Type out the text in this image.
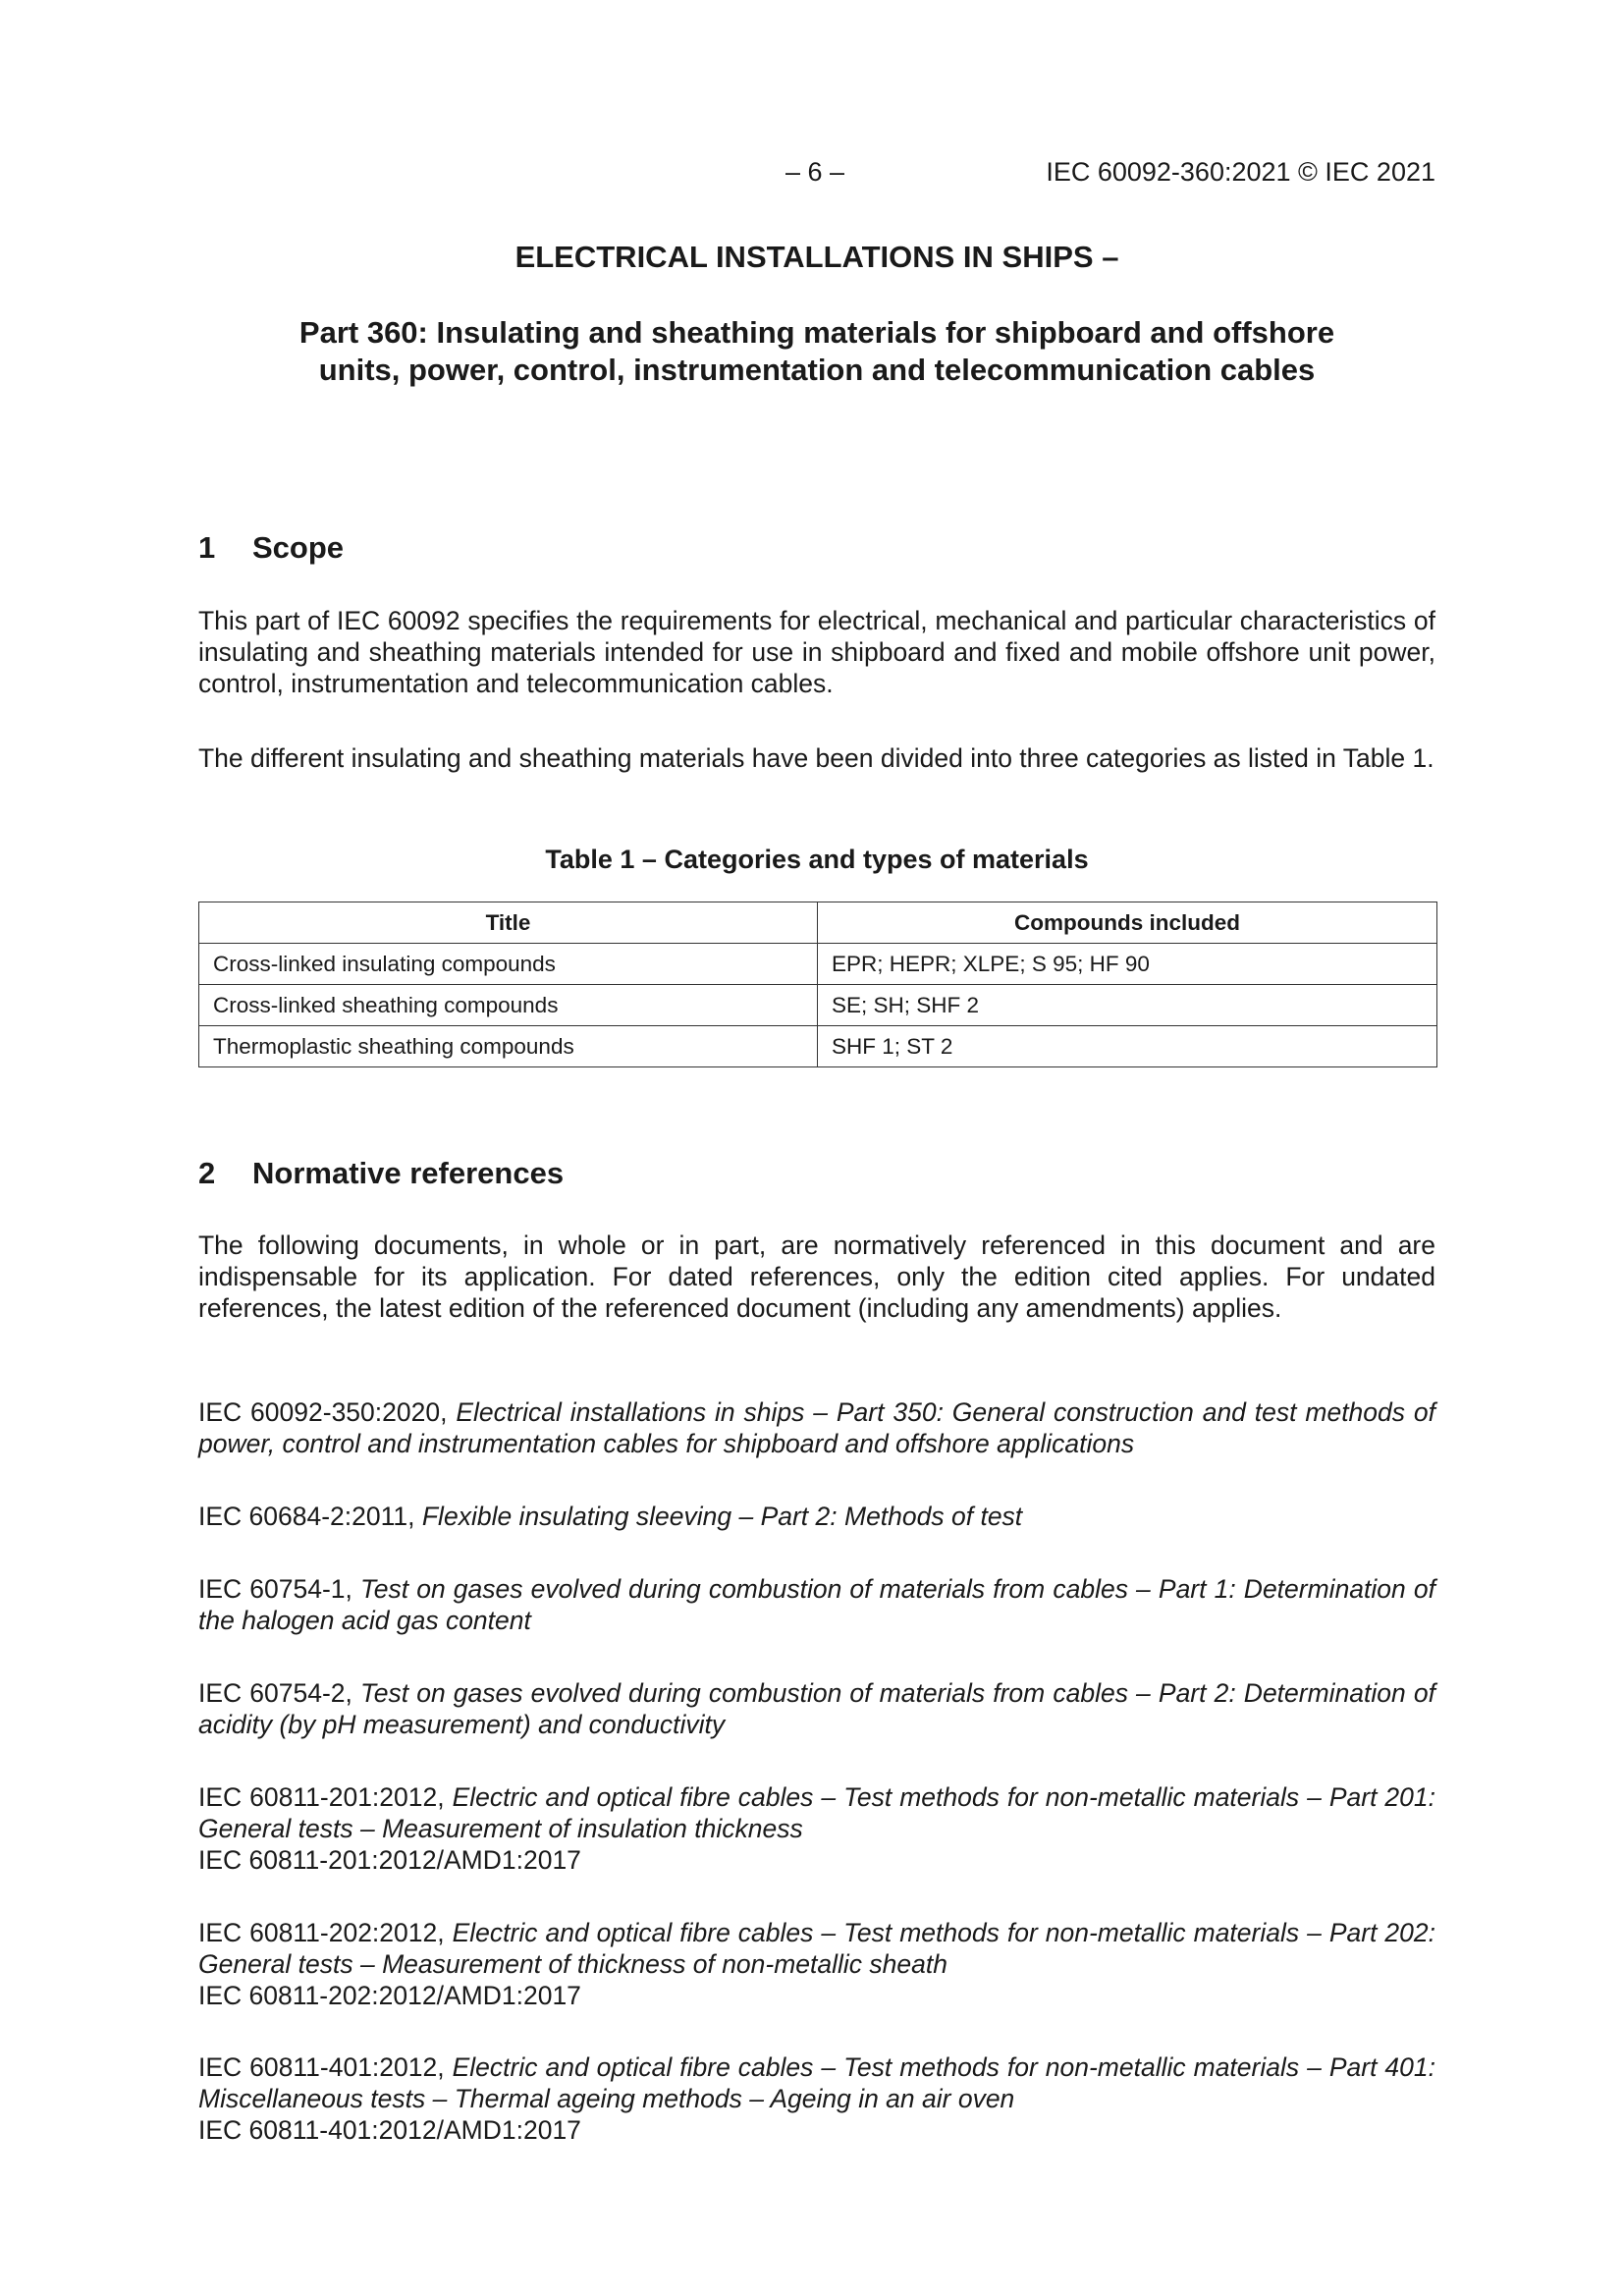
– 6 –	IEC 60092-360:2021 © IEC 2021
ELECTRICAL INSTALLATIONS IN SHIPS –
Part 360: Insulating and sheathing materials for shipboard and offshore
units, power, control, instrumentation and telecommunication cables
1 Scope
This part of IEC 60092 specifies the requirements for electrical, mechanical and particular characteristics of insulating and sheathing materials intended for use in shipboard and fixed and mobile offshore unit power, control, instrumentation and telecommunication cables.
The different insulating and sheathing materials have been divided into three categories as listed in Table 1.
Table 1 – Categories and types of materials
Title	Compounds included
Cross-linked insulating compounds	EPR; HEPR; XLPE; S 95; HF 90
Cross-linked sheathing compounds	SE; SH; SHF 2
Thermoplastic sheathing compounds	SHF 1; ST 2
2 Normative references
The following documents, in whole or in part, are normatively referenced in this document and are indispensable for its application. For dated references, only the edition cited applies. For undated references, the latest edition of the referenced document (including any amendments) applies.
IEC 60092-350:2020, Electrical installations in ships – Part 350: General construction and test methods of power, control and instrumentation cables for shipboard and offshore applications
IEC 60684-2:2011, Flexible insulating sleeving – Part 2: Methods of test
IEC 60754-1, Test on gases evolved during combustion of materials from cables – Part 1: Determination of the halogen acid gas content
IEC 60754-2, Test on gases evolved during combustion of materials from cables – Part 2: Determination of acidity (by pH measurement) and conductivity
IEC 60811-201:2012, Electric and optical fibre cables – Test methods for non-metallic materials – Part 201: General tests – Measurement of insulation thickness
IEC 60811-201:2012/AMD1:2017
IEC 60811-202:2012, Electric and optical fibre cables – Test methods for non-metallic materials – Part 202: General tests – Measurement of thickness of non-metallic sheath
IEC 60811-202:2012/AMD1:2017
IEC 60811-401:2012, Electric and optical fibre cables – Test methods for non-metallic materials – Part 401: Miscellaneous tests – Thermal ageing methods – Ageing in an air oven
IEC 60811-401:2012/AMD1:2017
